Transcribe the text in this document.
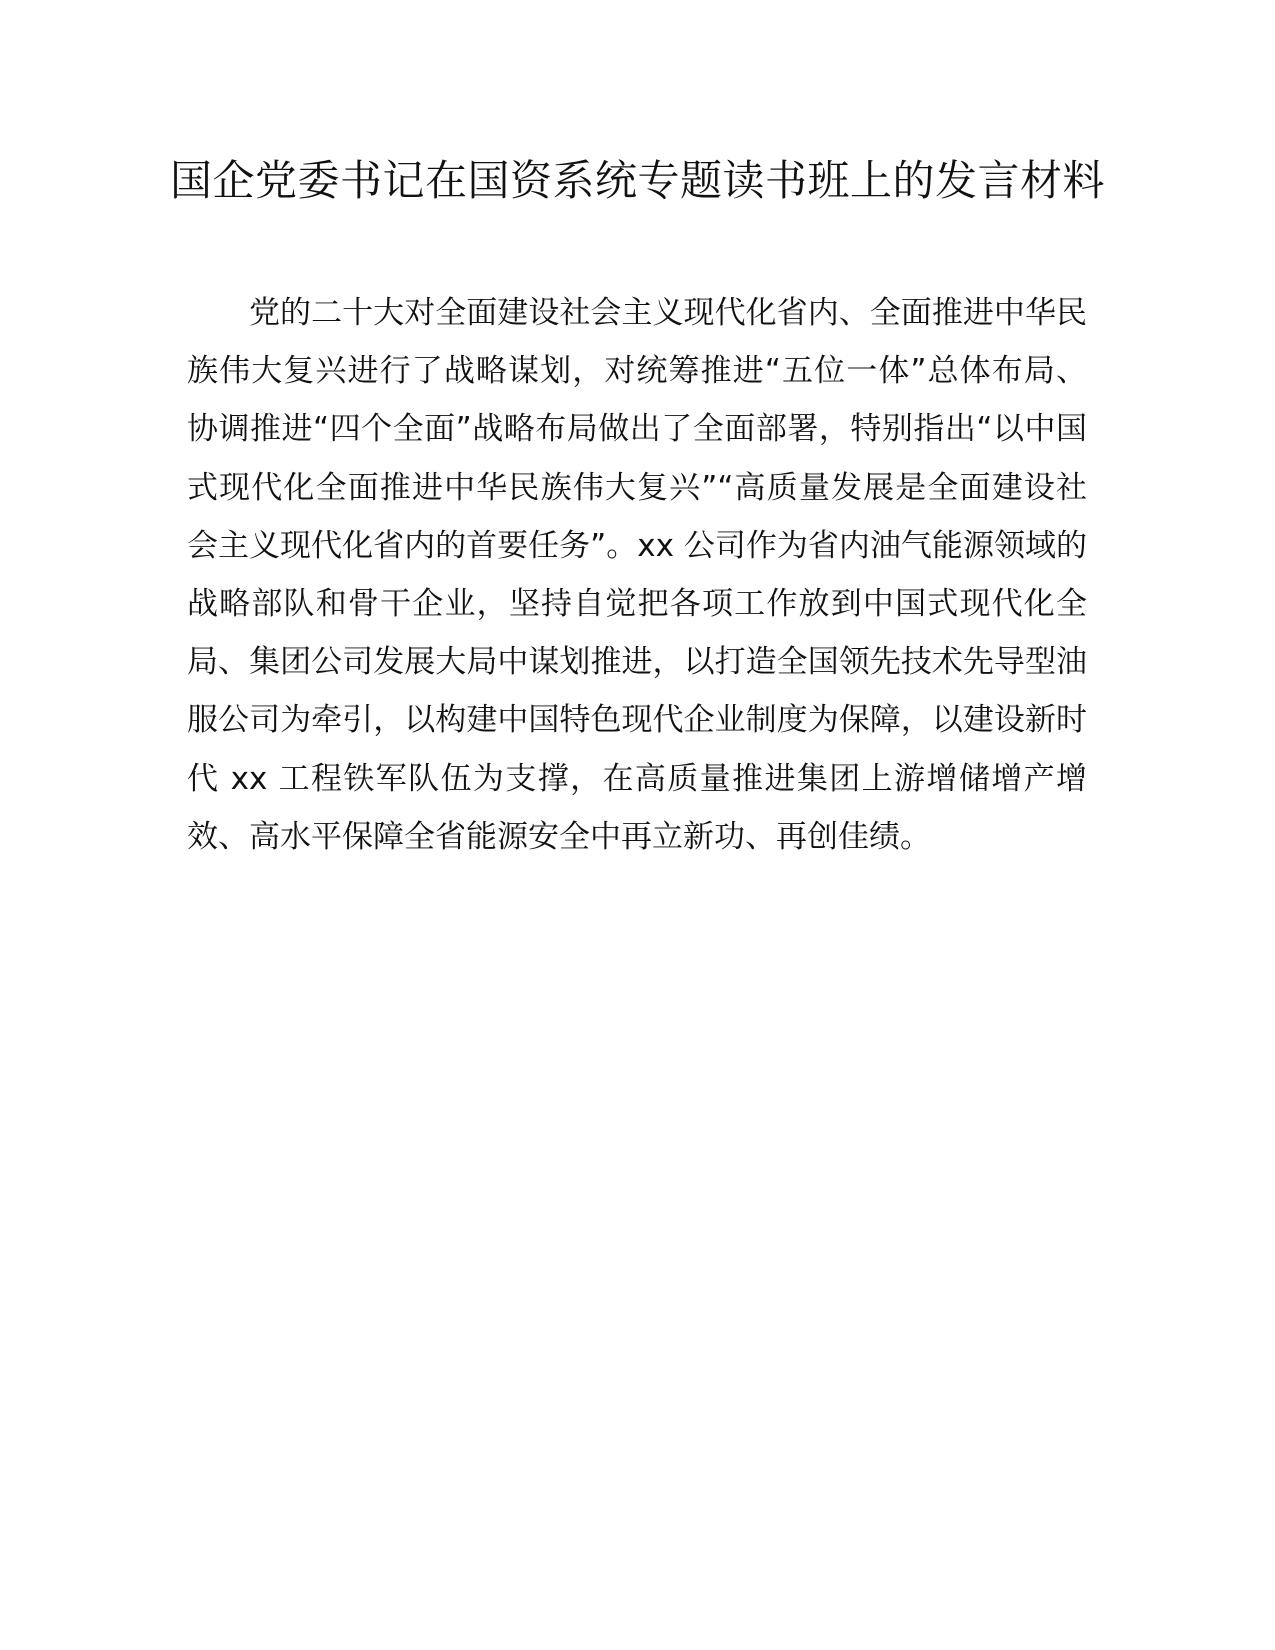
国企党委书记在国资系统专题读书班上的发言材料

党的二十大对全面建设社会主义现代化省内、全面推进中华民族伟大复兴进行了战略谋划，对统筹推进“五位一体”总体布局、协调推进“四个全面”战略布局做出了全面部署，特别指出“以中国式现代化全面推进中华民族伟大复兴”“高质量发展是全面建设社会主义现代化省内的首要任务”。xx 公司作为省内油气能源领域的战略部队和骨干企业，坚持自觉把各项工作放到中国式现代化全局、集团公司发展大局中谋划推进，以打造全国领先技术先导型油服公司为牵引，以构建中国特色现代企业制度为保障，以建设新时代 xx 工程铁军队伍为支撑，在高质量推进集团上游增储增产增效、高水平保障全省能源安全中再立新功、再创佳绩。
